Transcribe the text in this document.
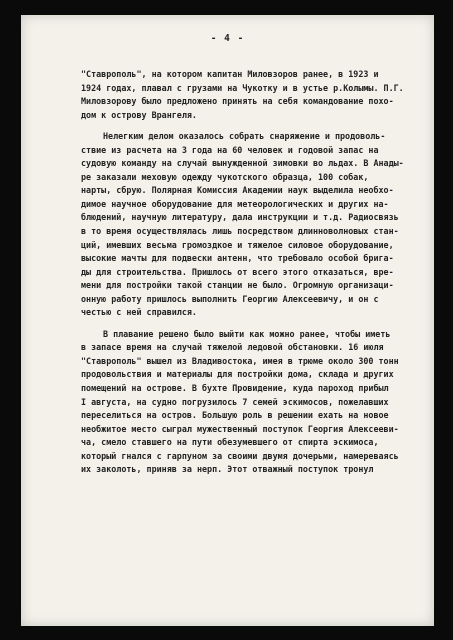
- 4 -
"Ставрополь", на котором капитан Миловзоров ранее, в 1923 и
1924 годах, плавал с грузами на Чукотку и в устье р.Колымы. П.Г.
Миловзорову было предложено принять на себя командование похо-
дом к острову Врангеля.
Нелегким делом оказалось собрать снаряжение и продоволь-
ствие из расчета на 3 года на 60 человек и годовой запас на
судовую команду на случай вынужденной зимовки во льдах. В Анады-
ре заказали меховую одежду чукотского образца, 100 собак,
нарты, сбрую. Полярная Комиссия Академии наук выделила необхо-
димое научное оборудование для метеорологических и других на-
блюдений, научную литературу, дала инструкции и т.д. Радиосвязь
в то время осуществлялась лишь посредством длинноволновых стан-
ций, имевших весьма громоздкое и тяжелое силовое оборудование,
высокие мачты для подвески антенн, что требовало особой брига-
ды для строительства. Пришлось от всего этого отказаться, вре-
мени для постройки такой станции не было. Огромную организаци-
онную работу пришлось выполнить Георгию Алексеевичу, и он с
честью с ней справился.
В плавание решено было выйти как можно ранее, чтобы иметь
в запасе время на случай тяжелой ледовой обстановки. 16 июля
"Ставрополь" вышел из Владивостока, имея в трюме около 300 тонн
продовольствия и материалы для постройки дома, склада и других
помещений на острове. В бухте Провидение, куда пароход прибыл
I августа, на судно погрузилось 7 семей эскимосов, пожелавших
переселиться на остров. Большую роль в решении ехать на новое
необжитое место сыграл мужественный поступок Георгия Алексееви-
ча, смело ставшего на пути обезумевшего от спирта эскимоса,
который гнался с гарпуном за своими двумя дочерьми, намереваясь
их заколоть, приняв за нерп. Этот отважный поступок тронул
